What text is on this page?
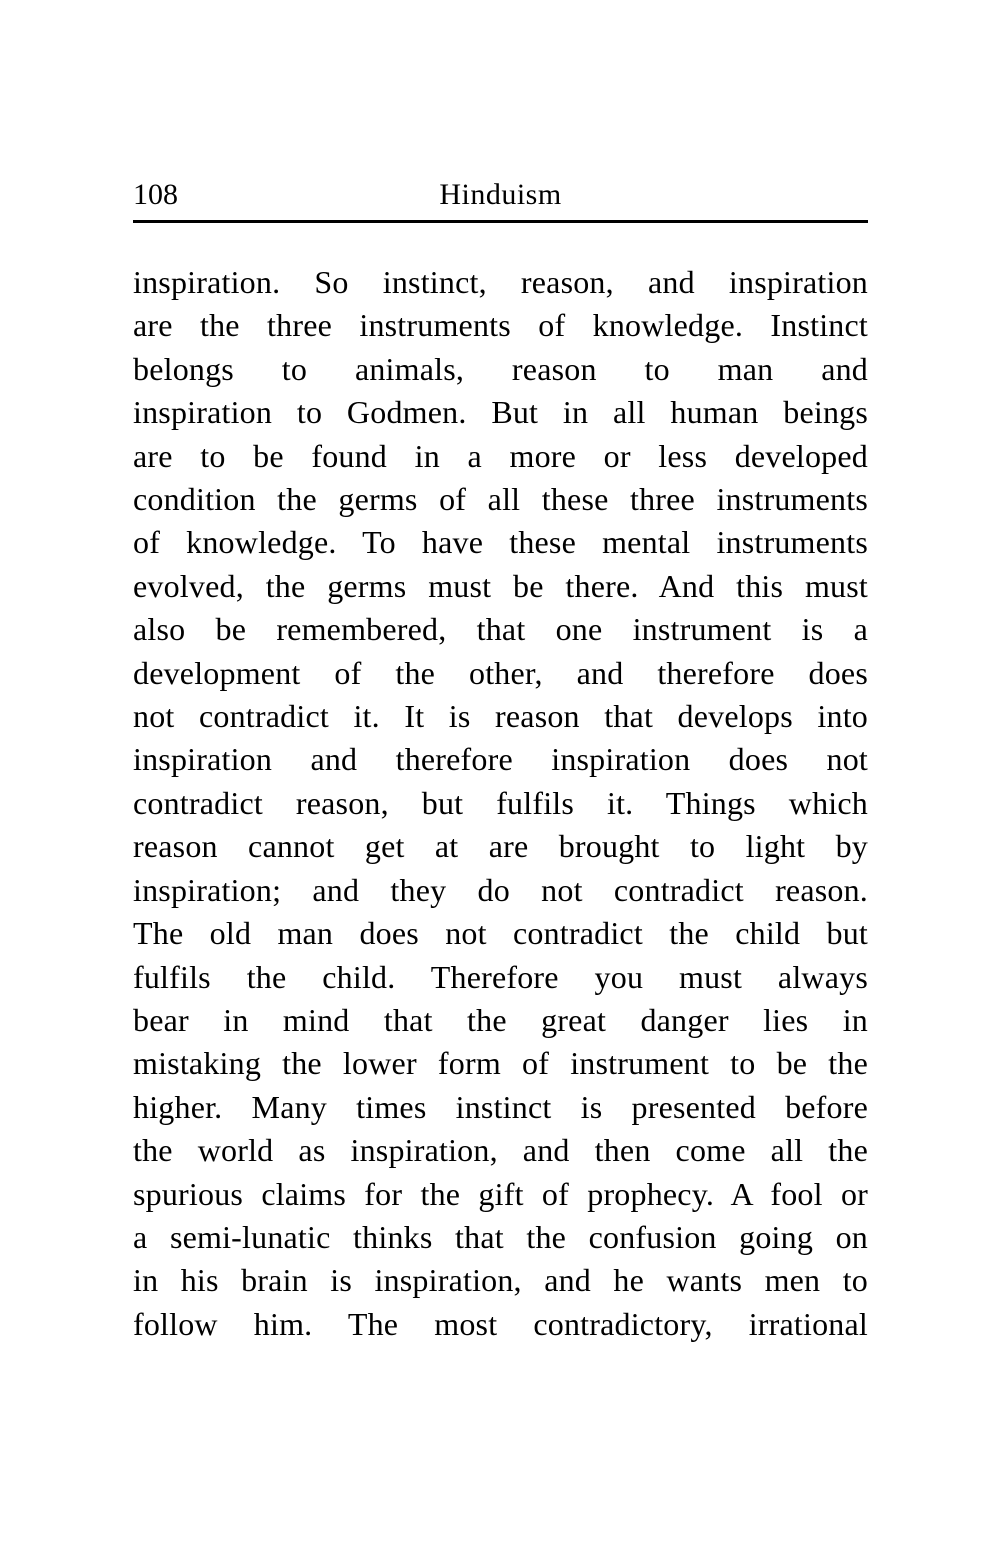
108	Hinduism
inspiration. So instinct, reason, and inspiration
are the three instruments of knowledge. Instinct
belongs to animals, reason to man and
inspiration to Godmen. But in all human beings
are to be found in a more or less developed
condition the germs of all these three instruments
of knowledge. To have these mental instruments
evolved, the germs must be there. And this must
also be remembered, that one instrument is a
development of the other, and therefore does
not contradict it. It is reason that develops into
inspiration and therefore inspiration does not
contradict reason, but fulfils it. Things which
reason cannot get at are brought to light by
inspiration; and they do not contradict reason.
The old man does not contradict the child but
fulfils the child. Therefore you must always
bear in mind that the great danger lies in
mistaking the lower form of instrument to be the
higher. Many times instinct is presented before
the world as inspiration, and then come all the
spurious claims for the gift of prophecy. A fool or
a semi-lunatic thinks that the confusion going on
in his brain is inspiration, and he wants men to
follow him. The most contradictory, irrational
